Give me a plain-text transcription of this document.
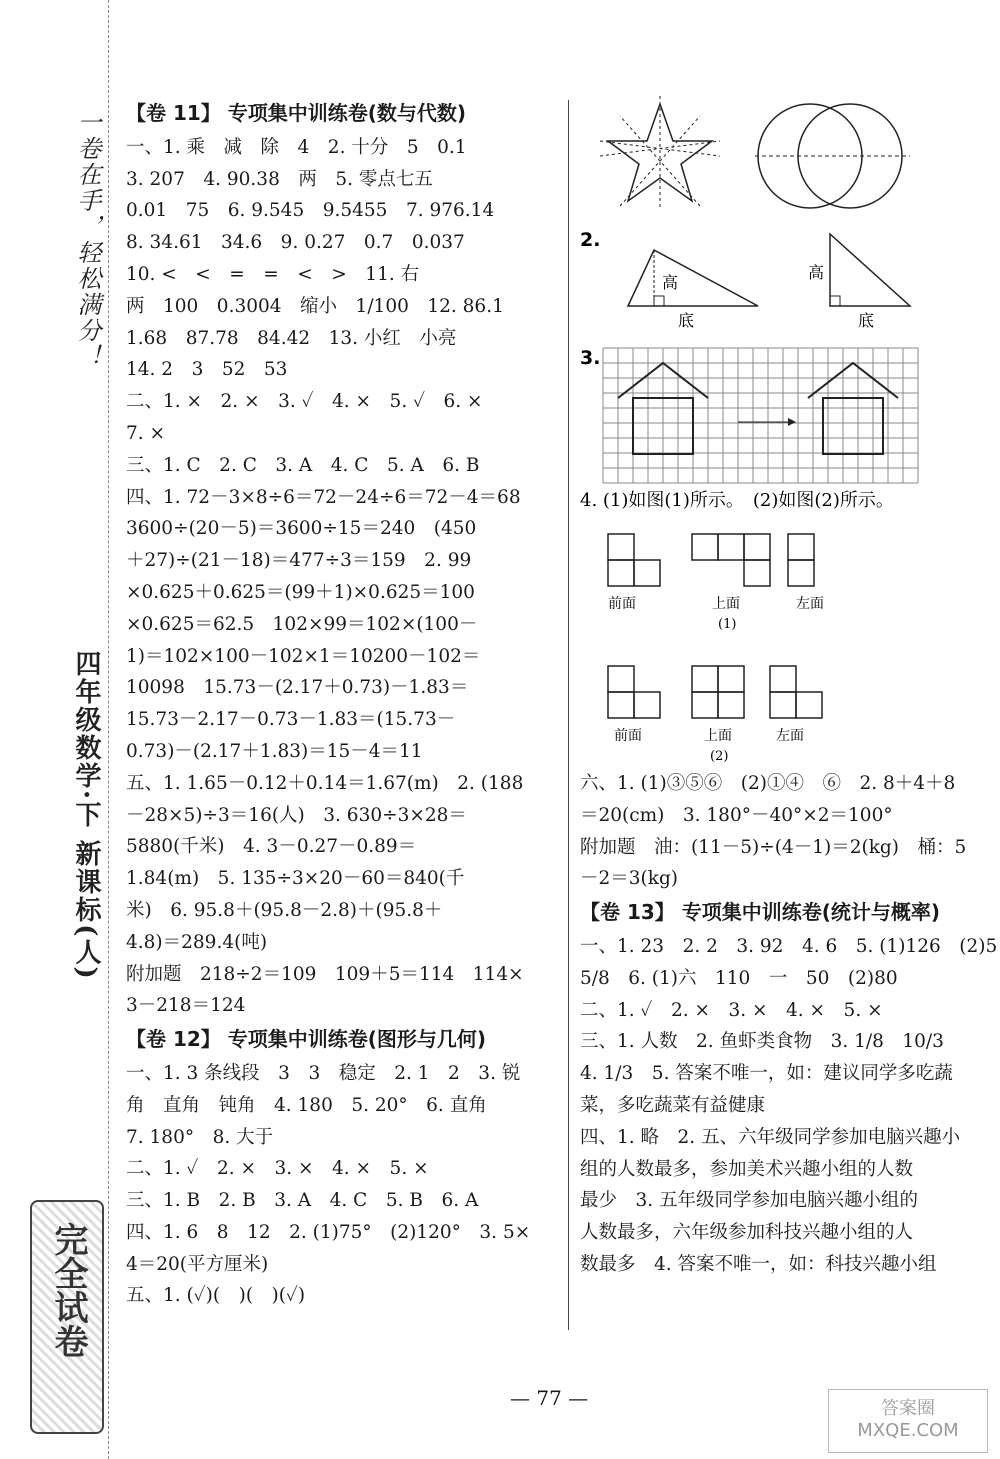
一卷在手，轻松满分！
四年级数学·下 新课标(人)
完全试卷
【卷 11】 专项集中训练卷(数与代数)
一、1. 乘　减　除　4　2. 十分　5　0.1
3. 207　4. 90.38　两　5. 零点七五
0.01　75　6. 9.545　9.5455　7. 976.14
8. 34.61　34.6　9. 0.27　0.7　0.037
10. <　<　=　=　<　>　11. 右
两　100　0.3004　缩小　1/100　12. 86.1
1.68　87.78　84.42　13. 小红　小亮
14. 2　3　52　53
二、1. ×　2. ×　3. ✓　4. ×　5. ✓　6. ×
7. ×
三、1. C　2. C　3. A　4. C　5. A　6. B
四、1. 72－3×8÷6＝72－24÷6＝72－4＝68
3600÷(20－5)＝3600÷15＝240　(450
＋27)÷(21－18)＝477÷3＝159　2. 99
×0.625＋0.625＝(99＋1)×0.625＝100
×0.625＝62.5　102×99＝102×(100－
1)＝102×100－102×1＝10200－102＝
10098　15.73－(2.17＋0.73)－1.83＝
15.73－2.17－0.73－1.83＝(15.73－
0.73)－(2.17＋1.83)＝15－4＝11
五、1. 1.65－0.12＋0.14＝1.67(m)　2. (188
－28×5)÷3＝16(人)　3. 630÷3×28＝
5880(千米)　4. 3－0.27－0.89＝
1.84(m)　5. 135÷3×20－60＝840(千
米)　6. 95.8＋(95.8－2.8)＋(95.8＋
4.8)＝289.4(吨)
附加题　218÷2＝109　109＋5＝114　114×
3－218＝124
【卷 12】 专项集中训练卷(图形与几何)
一、1. 3 条线段　3　3　稳定　2. 1　2　3. 锐
角　直角　钝角　4. 180　5. 20°　6. 直角
7. 180°　8. 大于
二、1. ✓　2. ×　3. ×　4. ×　5. ×
三、1. B　2. B　3. A　4. C　5. B　6. A
四、1. 6　8　12　2. (1)75°　(2)120°　3. 5×
4＝20(平方厘米)
五、1. (✓)(　)(　)(✓)
2.
高
底
高
底
3.
4. (1)如图(1)所示。　(2)如图(2)所示。
前面	上面	左面
(1)
前面	上面	左面
(2)
六、1. (1)③⑤⑥　(2)①④　⑥　2. 8＋4＋8
＝20(cm)　3. 180°－40°×2＝100°
附加题　油：(11－5)÷(4－1)＝2(kg)　桶：5
－2＝3(kg)
【卷 13】 专项集中训练卷(统计与概率)
一、1. 23　2. 2　3. 92　4. 6　5. (1)126　(2)5
5/8　6. (1)六　110　一　50　(2)80
二、1. ✓　2. ×　3. ×　4. ×　5. ×
三、1. 人数　2. 鱼虾类食物　3. 1/8　10/3
4. 1/3　5. 答案不唯一，如：建议同学多吃蔬
菜，多吃蔬菜有益健康
四、1. 略　2. 五、六年级同学参加电脑兴趣小
组的人数最多，参加美术兴趣小组的人数
最少　3. 五年级同学参加电脑兴趣小组的
人数最多，六年级参加科技兴趣小组的人
数最多　4. 答案不唯一，如：科技兴趣小组
— 77 —	答案圈 MXQE.COM
